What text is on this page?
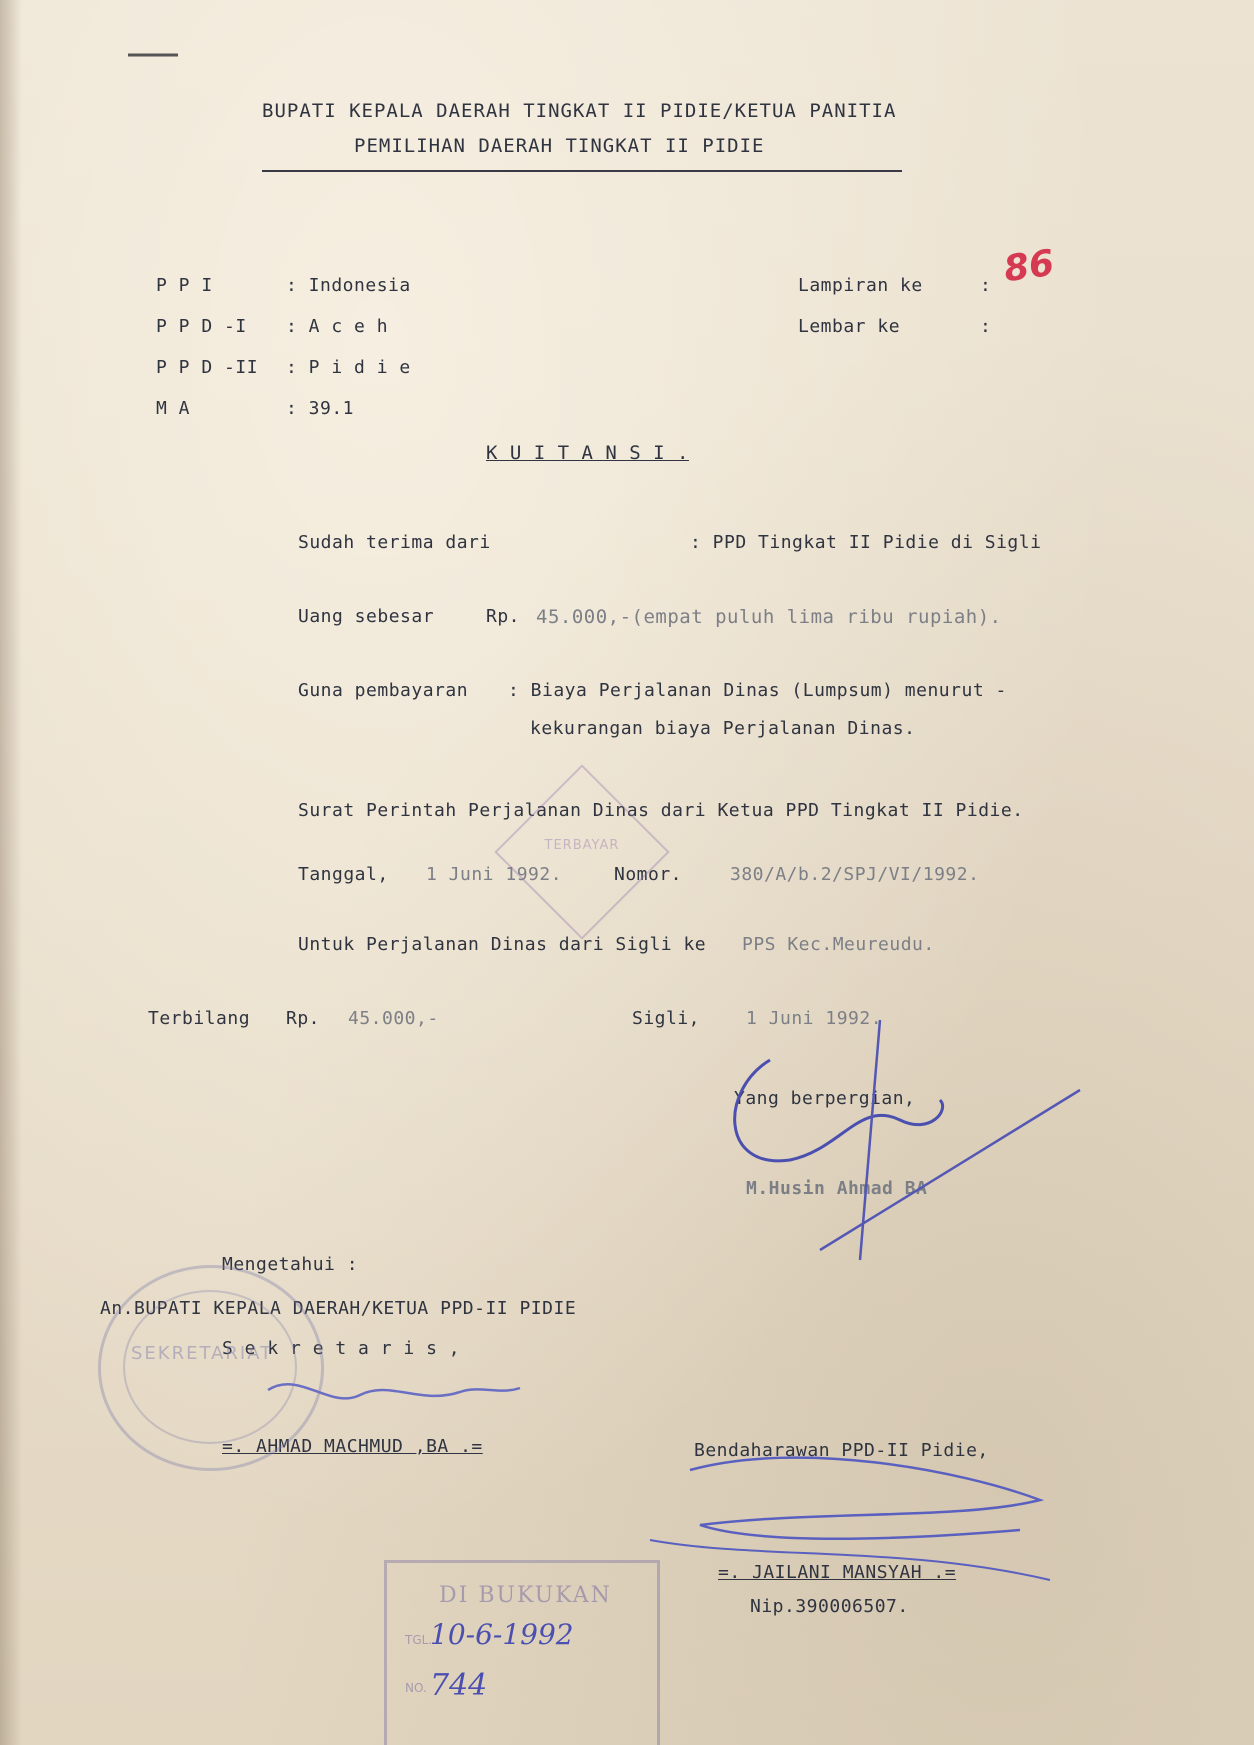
BUPATI KEPALA DAERAH TINGKAT II PIDIE/KETUA PANITIA
PEMILIHAN DAERAH TINGKAT II PIDIE
P P I	: Indonesia
P P D -I : A c e h
P P D -II : P i d i e
M A	: 39.1
Lampiran ke	: 86
Lembar ke	:
K U I T A N S I .
Sudah terima dari	: PPD Tingkat II Pidie di Sigli
Uang sebesar	Rp. 45.000,-(empat puluh lima ribu rupiah).
Guna pembayaran : Biaya Perjalanan Dinas (Lumpsum) menurut -
kekurangan biaya Perjalanan Dinas.
Surat Perintah Perjalanan Dinas dari Ketua PPD Tingkat II Pidie.
Tanggal, 1 Juni 1992.	Nomor.	380/A/b.2/SPJ/VI/1992.
Untuk Perjalanan Dinas dari Sigli ke PPS Kec.Meureudu.
Terbilang Rp. 45.000,-	Sigli,	1 Juni 1992.
Yang berpergian,
M.Husin Ahmad BA
Mengetahui :
An.BUPATI KEPALA DAERAH/KETUA PPD-II PIDIE
S e k r e t a r i s ,
=. AHMAD MACHMUD ,BA .=	Bendaharawan PPD-II Pidie,
=. JAILANI MANSYAH .=
Nip.390006507.
SEKRETARIAT
TERBAYAR
DI BUKUKAN
TGL.
NO.
10-6-1992
744
